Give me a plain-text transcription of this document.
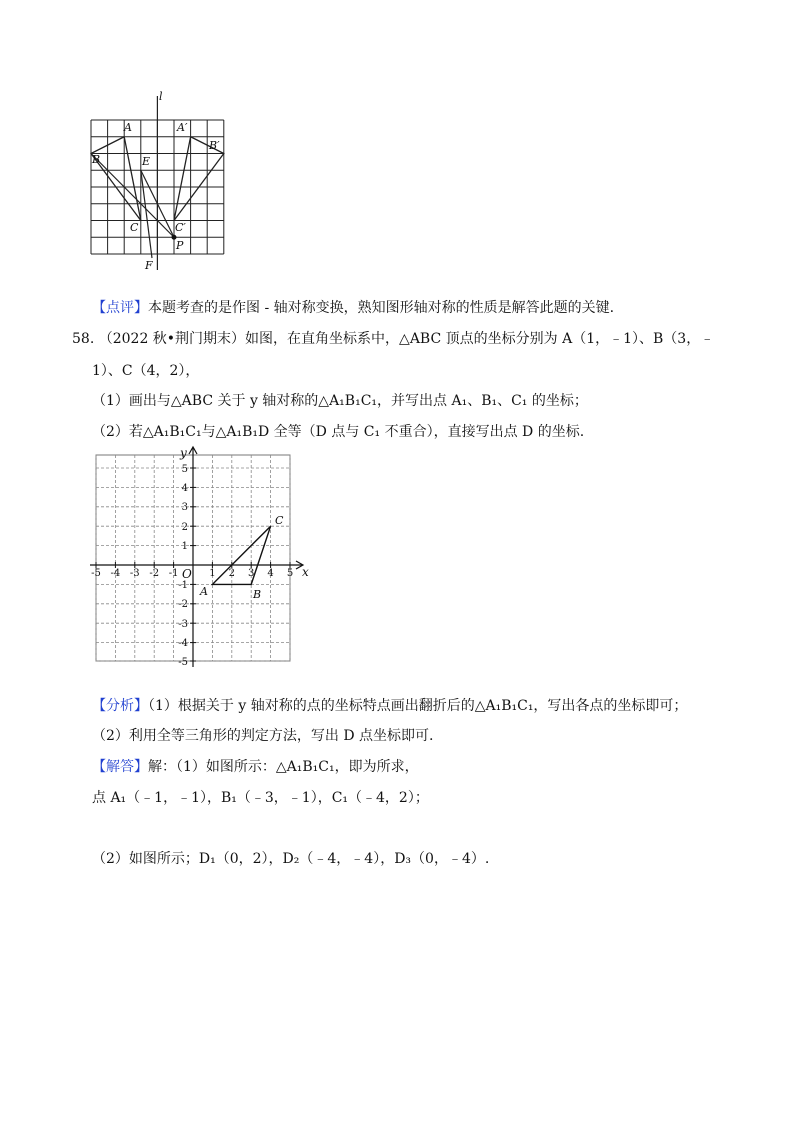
l
A	A′
B
B′
E
C	C′
F
P
【点评】本题考查的是作图 - 轴对称变换，熟知图形轴对称的性质是解答此题的关键.
58. （2022 秋•荆门期末）如图，在直角坐标系中，△ABC 顶点的坐标分别为 A（1，﹣1）、B（3，﹣
1）、C（4，2），
（1）画出与△ABC 关于 y 轴对称的△A₁B₁C₁，并写出点 A₁、B₁、C₁ 的坐标；
（2）若△A₁B₁C₁与△A₁B₁D 全等（D 点与 C₁ 不重合），直接写出点 D 的坐标.
-5 -4 -3 -2 -1	1 2 3 4 5
5
4
3
2
1
-1
-2
-3
-4
-5
y
x
O
A	B
C
【分析】（1）根据关于 y 轴对称的点的坐标特点画出翻折后的△A₁B₁C₁，写出各点的坐标即可；
（2）利用全等三角形的判定方法，写出 D 点坐标即可.
【解答】解：（1）如图所示：△A₁B₁C₁，即为所求，
点 A₁（﹣1，﹣1），B₁（﹣3，﹣1），C₁（﹣4，2）；
（2）如图所示；D₁（0，2），D₂（﹣4，﹣4），D₃（0，﹣4）.
